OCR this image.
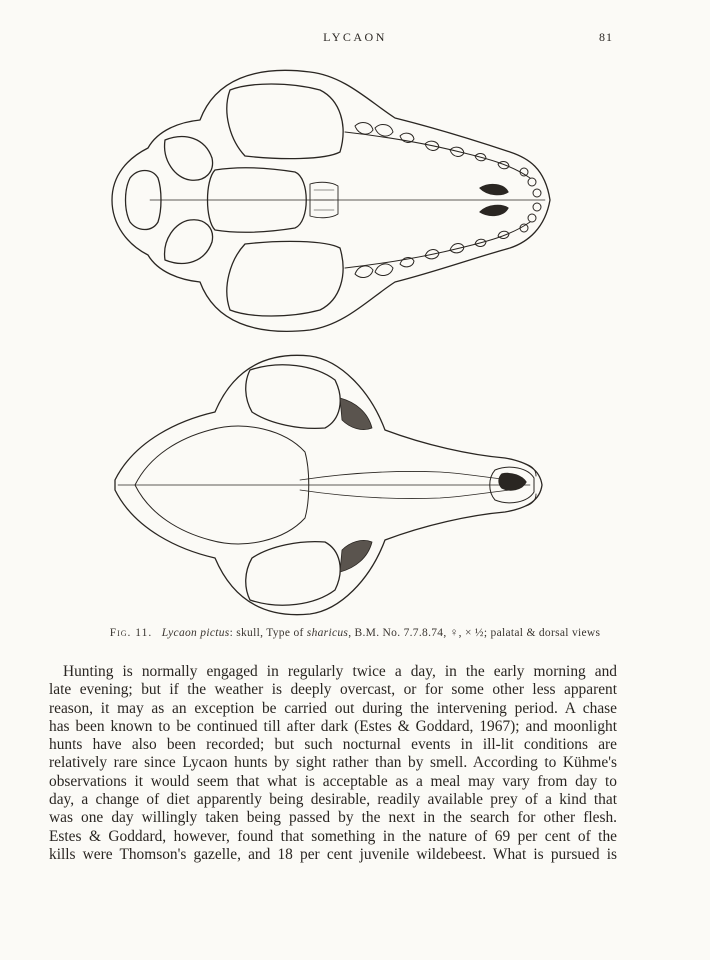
LYCAON	81
Fig. 11. Lycaon pictus: skull, Type of sharicus, B.M. No. 7.7.8.74, ♀, × ½; palatal & dorsal views
Hunting is normally engaged in regularly twice a day, in the early morning and
late evening; but if the weather is deeply overcast, or for some other less apparent
reason, it may as an exception be carried out during the intervening period. A chase
has been known to be continued till after dark (Estes & Goddard, 1967); and moonlight
hunts have also been recorded; but such nocturnal events in ill-lit conditions are
relatively rare since Lycaon hunts by sight rather than by smell. According to Kühme's
observations it would seem that what is acceptable as a meal may vary from day to
day, a change of diet apparently being desirable, readily available prey of a kind that
was one day willingly taken being passed by the next in the search for other flesh.
Estes & Goddard, however, found that something in the nature of 69 per cent of the
kills were Thomson's gazelle, and 18 per cent juvenile wildebeest. What is pursued is
